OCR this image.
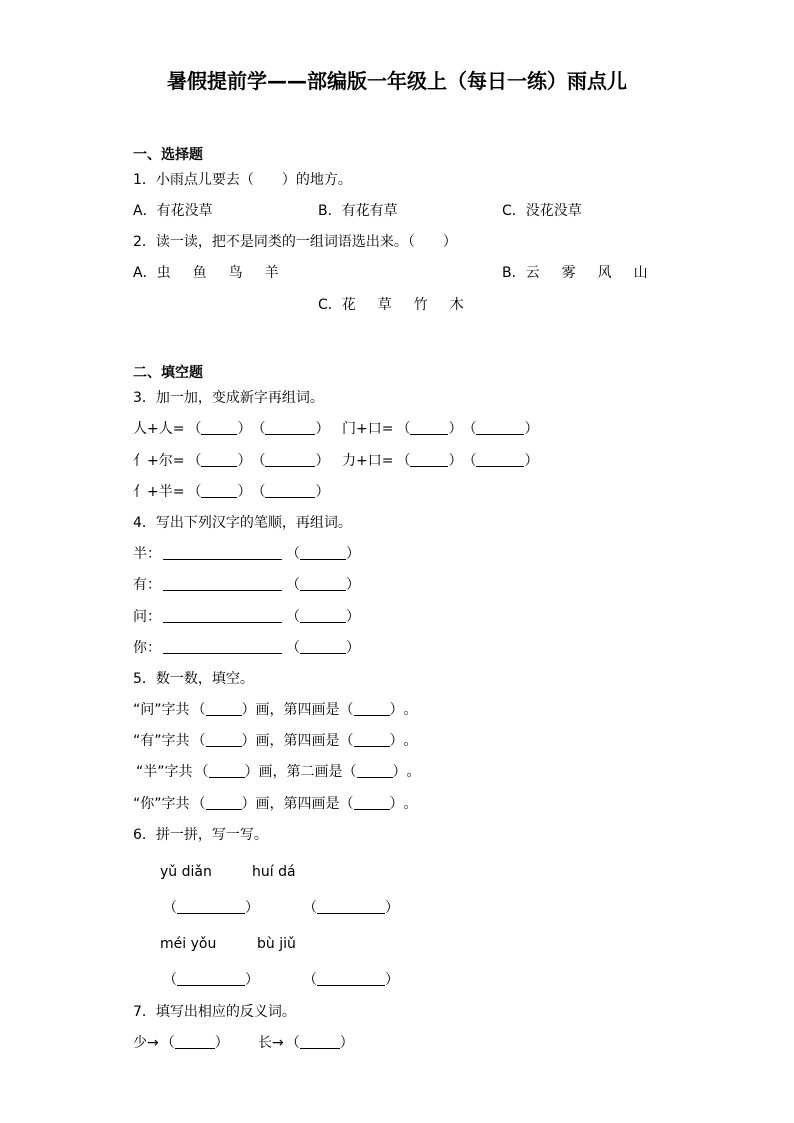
暑假提前学——部编版一年级上（每日一练）雨点儿
一、选择题
1．小雨点儿要去（　　）的地方。
A．有花没草	B．有花有草	C．没花没草
2．读一读，把不是同类的一组词语选出来。（　　）
A．虫 鱼 鸟 羊	B．云 雾 风 山
C．花 草 竹 木
二、填空题
3．加一加，变成新字再组词。
人+人= （	）（	） 门+口= （	）（	）
亻+尔= （	）（	） 力+口= （	）（	）
亻+半= （	）（	）
4．写出下列汉字的笔顺，再组词。
半：	（	）
有：	（	）
问：	（	）
你：	（	）
5．数一数，填空。
“问”字共 （	）画，第四画是（	）。
“有”字共 （	）画，第四画是（	）。
“半”字共 （	）画，第二画是（	）。
“你”字共 （	）画，第四画是（	）。
6．拼一拼，写一写。
yǔ diǎn	huí dá
（	）	（	）
méi yǒu	bù jiǔ
（	）	（	）
7．填写出相应的反义词。
少→ （	） 长→ （	）
